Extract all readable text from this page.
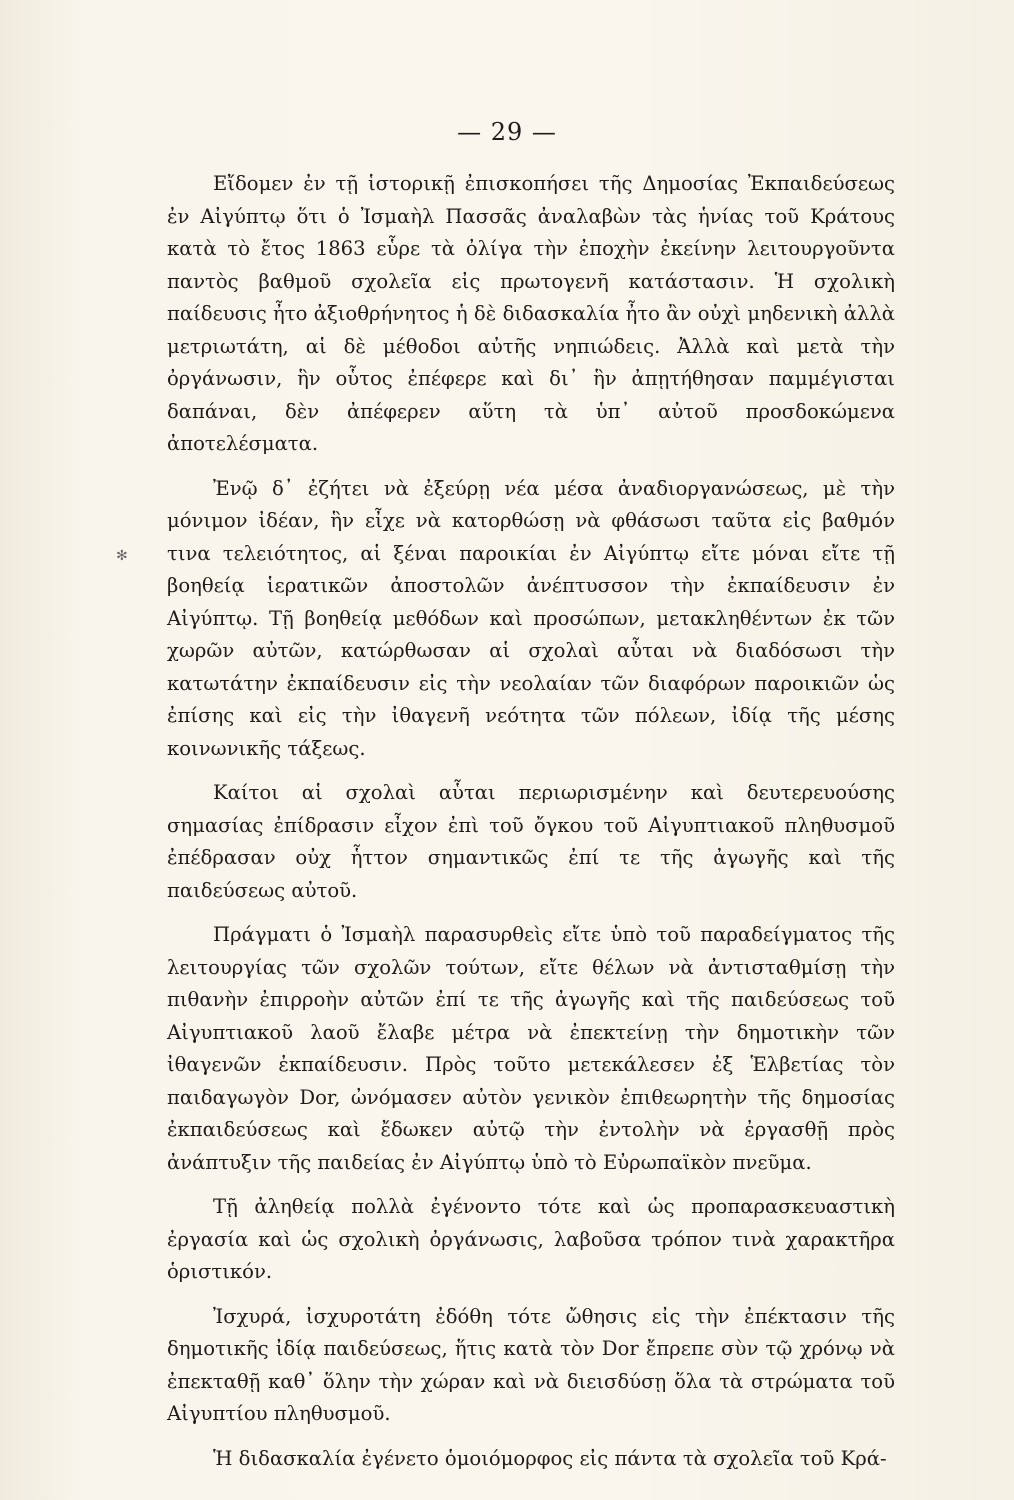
— 29 —
✻

Εἴδομεν ἐν τῇ ἱστορικῇ ἐπισκοπήσει τῆς Δημοσίας Ἐκπαιδεύσεως ἐν Αἰγύπτῳ ὅτι ὁ Ἰσμαὴλ Πασσᾶς ἀναλαβὼν τὰς ἡνίας τοῦ Κράτους κατὰ τὸ ἔτος 1863 εὗρε τὰ ὀλίγα τὴν ἐποχὴν ἐκείνην λειτουργοῦντα παντὸς βαθμοῦ σχολεῖα εἰς πρωτογενῆ κατάστασιν. Ἡ σχολικὴ παίδευσις ἦτο ἀξιοθρήνητος ἡ δὲ διδασκαλία ἦτο ἂν οὐχὶ μηδενικὴ ἀλλὰ μετριωτάτη, αἱ δὲ μέθοδοι αὐτῆς νηπιώδεις. Ἀλλὰ καὶ μετὰ τὴν ὀργάνωσιν, ἣν οὗτος ἐπέφερε καὶ δι᾽ ἣν ἀπῃτήθησαν παμμέγισται δαπάναι, δὲν ἀπέφερεν αὕτη τὰ ὑπ᾽ αὐτοῦ προσδοκώμενα ἀποτελέσματα.

Ἐνῷ δ᾽ ἐζήτει νὰ ἐξεύρῃ νέα μέσα ἀναδιοργανώσεως, μὲ τὴν μόνιμον ἰδέαν, ἣν εἶχε νὰ κατορθώσῃ νὰ φθάσωσι ταῦτα εἰς βαθμόν τινα τελειότητος, αἱ ξέναι παροικίαι ἐν Αἰγύπτῳ εἴτε μόναι εἴτε τῇ βοηθείᾳ ἱερατικῶν ἀποστολῶν ἀνέπτυσσον τὴν ἐκπαίδευσιν ἐν Αἰγύπτῳ. Τῇ βοηθείᾳ μεθόδων καὶ προσώπων, μετακληθέντων ἐκ τῶν χωρῶν αὐτῶν, κατώρθωσαν αἱ σχολαὶ αὗται νὰ διαδόσωσι τὴν κατωτάτην ἐκπαίδευσιν εἰς τὴν νεολαίαν τῶν διαφόρων παροικιῶν ὡς ἐπίσης καὶ εἰς τὴν ἰθαγενῆ νεότητα τῶν πόλεων, ἰδίᾳ τῆς μέσης κοινωνικῆς τάξεως.

Καίτοι αἱ σχολαὶ αὗται περιωρισμένην καὶ δευτερευούσης σημασίας ἐπίδρασιν εἶχον ἐπὶ τοῦ ὄγκου τοῦ Αἰγυπτιακοῦ πληθυσμοῦ ἐπέδρασαν οὐχ ἧττον σημαντικῶς ἐπί τε τῆς ἀγωγῆς καὶ τῆς παιδεύσεως αὐτοῦ.

Πράγματι ὁ Ἰσμαὴλ παρασυρθεὶς εἴτε ὑπὸ τοῦ παραδείγματος τῆς λειτουργίας τῶν σχολῶν τούτων, εἴτε θέλων νὰ ἀντισταθμίσῃ τὴν πιθανὴν ἐπιρροὴν αὐτῶν ἐπί τε τῆς ἀγωγῆς καὶ τῆς παιδεύσεως τοῦ Αἰγυπτιακοῦ λαοῦ ἔλαβε μέτρα νὰ ἐπεκτείνῃ τὴν δημοτικὴν τῶν ἰθαγενῶν ἐκπαίδευσιν. Πρὸς τοῦτο μετεκάλεσεν ἐξ Ἑλβετίας τὸν παιδαγωγὸν Dor, ὠνόμασεν αὐτὸν γενικὸν ἐπιθεωρητὴν τῆς δημοσίας ἐκπαιδεύσεως καὶ ἔδωκεν αὐτῷ τὴν ἐντολὴν νὰ ἐργασθῇ πρὸς ἀνάπτυξιν τῆς παιδείας ἐν Αἰγύπτῳ ὑπὸ τὸ Εὐρωπαϊκὸν πνεῦμα.

Τῇ ἀληθείᾳ πολλὰ ἐγένοντο τότε καὶ ὡς προπαρασκευαστικὴ ἐργασία καὶ ὡς σχολικὴ ὀργάνωσις, λαβοῦσα τρόπον τινὰ χαρακτῆρα ὁριστικόν.

Ἰσχυρά, ἰσχυροτάτη ἐδόθη τότε ὤθησις εἰς τὴν ἐπέκτασιν τῆς δημοτικῆς ἰδίᾳ παιδεύσεως, ἥτις κατὰ τὸν Dor ἔπρεπε σὺν τῷ χρόνῳ νὰ ἐπεκταθῇ καθ᾽ ὅλην τὴν χώραν καὶ νὰ διεισδύσῃ ὅλα τὰ στρώματα τοῦ Αἰγυπτίου πληθυσμοῦ.

Ἡ διδασκαλία ἐγένετο ὁμοιόμορφος εἰς πάντα τὰ σχολεῖα τοῦ Κρά-
